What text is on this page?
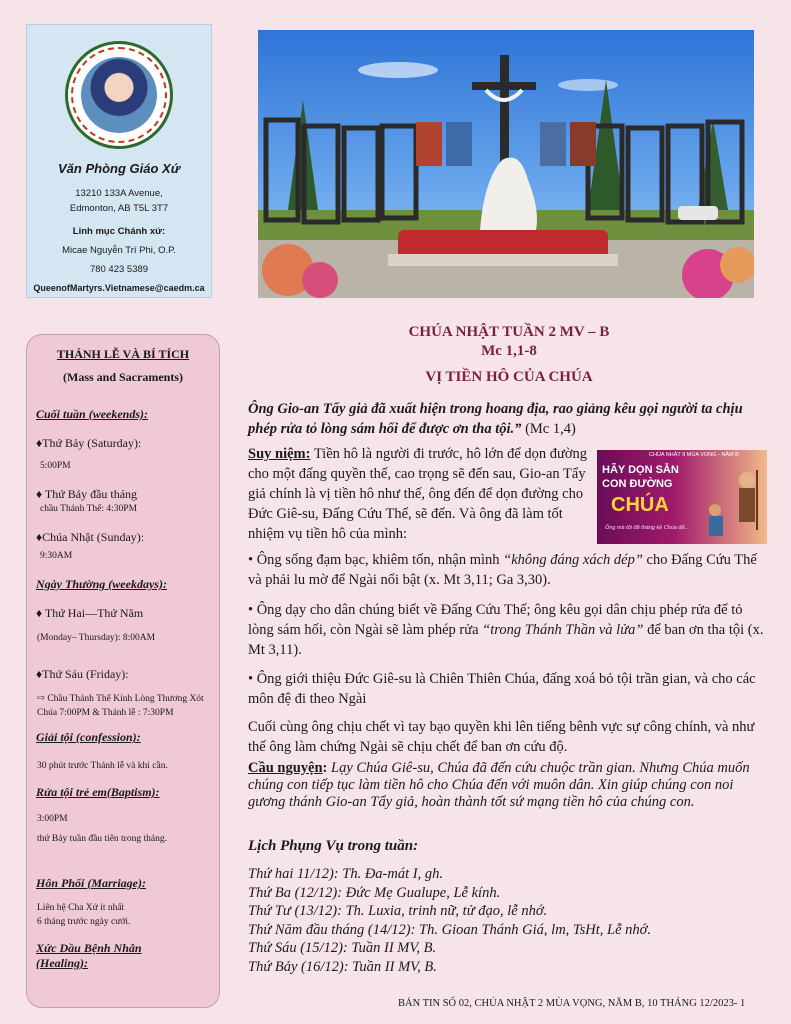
Văn Phòng Giáo Xứ
13210 133A Avenue,
Edmonton, AB T5L 3T7
Linh mục Chánh xứ:
Micae Nguyễn Trí Phi, O.P.
780 423 5389
QueenofMartyrs.Vietnamese@caedm.ca
THÁNH LỄ VÀ BÍ TÍCH
(Mass and Sacraments)
Cuối tuần (weekends):
♦Thứ Bảy (Saturday):
5:00PM
♦ Thứ Bảy đầu tháng
chầu Thánh Thể: 4:30PM
♦Chúa Nhật (Sunday):
9:30AM
Ngày Thường (weekdays):
♦ Thứ Hai—Thứ Năm
(Monday– Thursday): 8:00AM
♦Thứ Sáu (Friday):
⇨ Chầu Thánh Thể Kính Lòng Thương Xót Chúa 7:00PM & Thánh lễ : 7:30PM
Giải tội (confession):
30 phút trước Thánh lễ và khi cần.
Rửa tội trẻ em(Baptism):
3:00PM
thứ Bảy tuần đầu tiên trong tháng.
Hôn Phối (Marriage):
Liên hệ Cha Xứ ít nhất
6 tháng trước ngày cưới.
Xức Dầu Bệnh Nhân (Healing):
CHÚA NHẬT TUẦN 2 MV – B
Mc 1,1-8
VỊ TIỀN HÔ CỦA CHÚA
Ông Gio-an Tẩy giả đã xuất hiện trong hoang địa, rao giảng kêu gọi người ta chịu phép rửa tỏ lòng sám hối để được ơn tha tội.” (Mc 1,4)
Suy niệm: Tiền hô là người đi trước, hô lớn để dọn đường cho một đấng quyền thế, cao trọng sẽ đến sau, Gio-an Tẩy giả chính là vị tiền hô như thế, ông đến để dọn đường cho Đức Giê-su, Đấng Cứu Thế, sẽ đến. Và ông đã làm tốt nhiệm vụ tiền hô của mình:
CHÚA NHẬT II MÙA VỌNG - NĂM B
HÃY DỌN SẴN
CON ĐƯỜNG
CHÚA
Ông mà tôi đã tháng kề Chúa để...
• Ông sống đạm bạc, khiêm tốn, nhận mình “không đáng xách dép” cho Đấng Cứu Thế và phải lu mờ để Ngài nổi bật (x. Mt 3,11; Ga 3,30).
• Ông dạy cho dân chúng biết về Đấng Cứu Thế; ông kêu gọi dân chịu phép rửa để tỏ lòng sám hối, còn Ngài sẽ làm phép rửa “trong Thánh Thần và lửa” để ban ơn tha tội (x. Mt 3,11).
• Ông giới thiệu Đức Giê-su là Chiên Thiên Chúa, đấng xoá bỏ tội trần gian, và cho các môn đệ đi theo Ngài
Cuối cùng ông chịu chết vì tay bạo quyền khi lên tiếng bênh vực sự công chính, và như thế ông làm chứng Ngài sẽ chịu chết để ban ơn cứu độ.
Cầu nguyện: Lạy Chúa Giê-su, Chúa đã đến cứu chuộc trần gian. Nhưng Chúa muốn chúng con tiếp tục làm tiền hô cho Chúa đến với muôn dân. Xin giúp chúng con noi gương thánh Gio-an Tẩy giả, hoàn thành tốt sứ mạng tiền hô của chúng con.
Lịch Phụng Vụ trong tuần:
Thứ hai 11/12): Th. Đa-mát I, gh.
Thứ Ba (12/12): Đức Mẹ Gualupe, Lễ kính.
Thứ Tư (13/12): Th. Luxia, trinh nữ, tử đạo, lễ nhớ.
Thứ Năm đầu tháng (14/12): Th. Gioan Thánh Giá, lm, TsHt, Lễ nhớ.
Thứ Sáu (15/12): Tuần II MV, B.
Thứ Bảy (16/12): Tuần II MV, B.
BẢN TIN SỐ 02, CHÚA NHẬT 2 MÙA VỌNG, NĂM B, 10 THÁNG 12/2023- 1
